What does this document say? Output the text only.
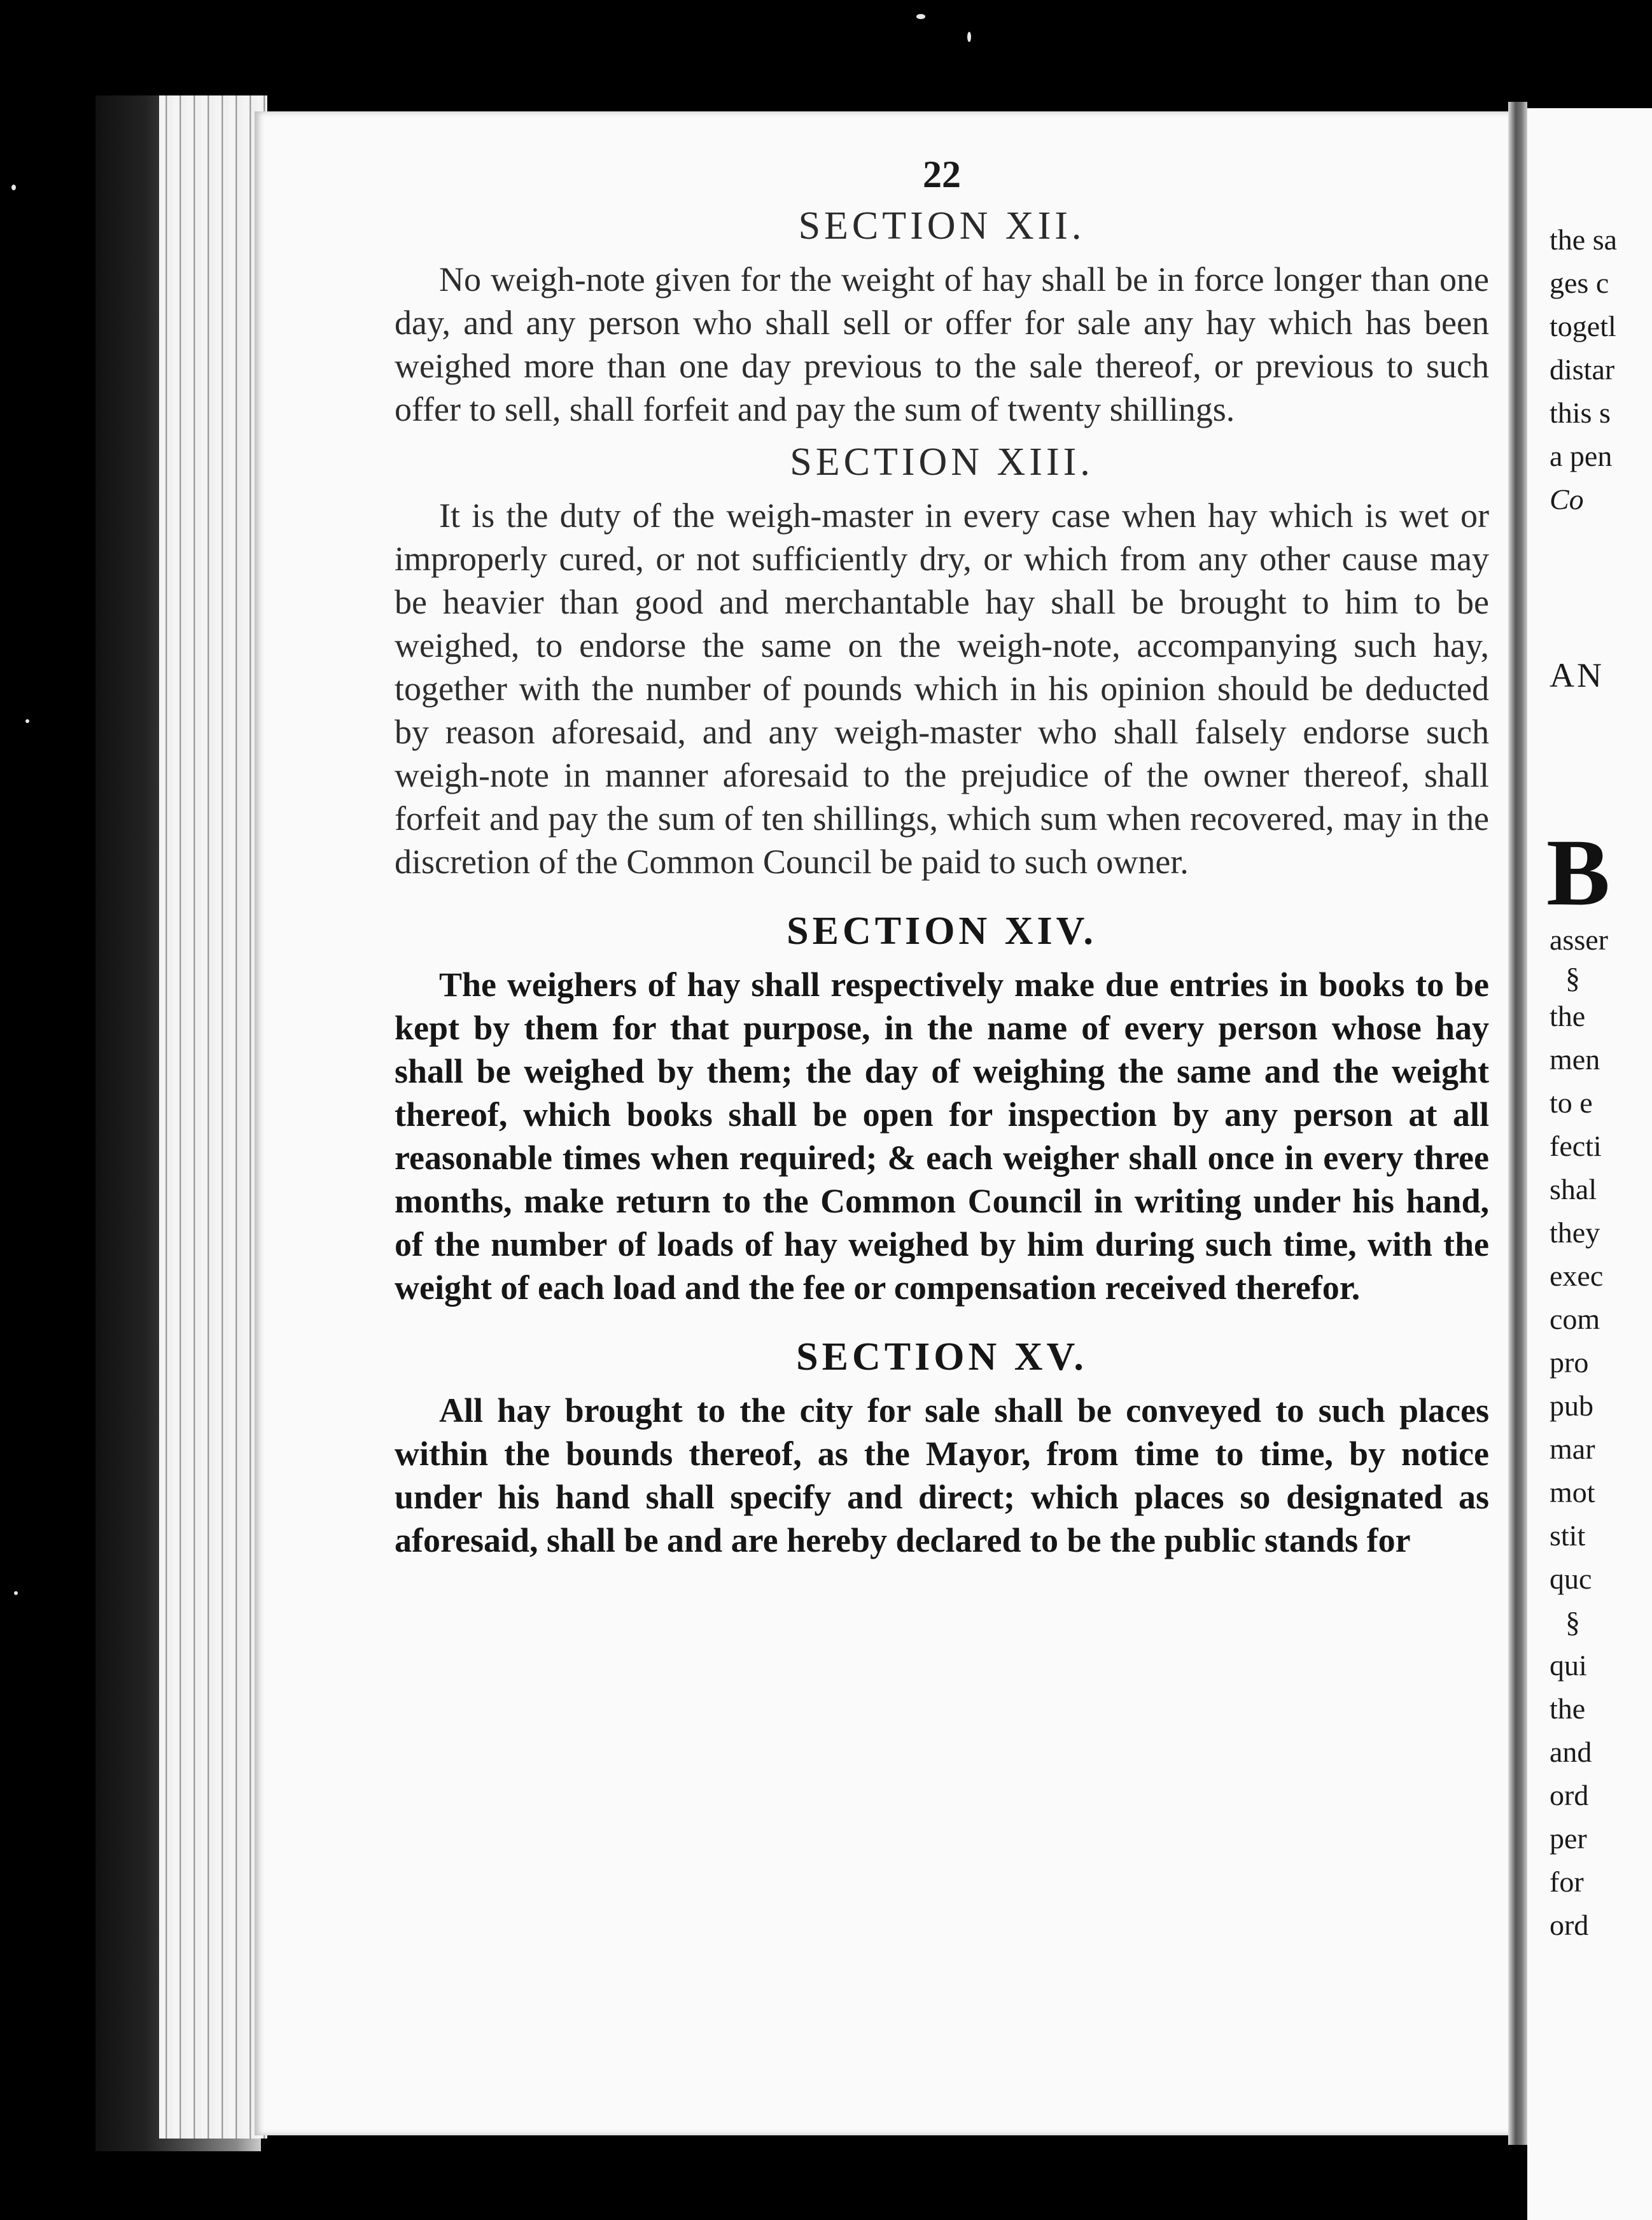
22
SECTION XII.

No weigh-note given for the weight of hay shall be in force longer than one day, and any person who shall sell or offer for sale any hay which has been weighed more than one day previous to the sale thereof, or previous to such offer to sell, shall forfeit and pay the sum of twenty shillings.

SECTION XIII.

It is the duty of the weigh-master in every case when hay which is wet or improperly cured, or not sufficiently dry, or which from any other cause may be heavier than good and merchantable hay shall be brought to him to be weighed, to endorse the same on the weigh-note, accompanying such hay, together with the number of pounds which in his opinion should be deducted by reason aforesaid, and any weigh-master who shall falsely endorse such weigh-note in manner aforesaid to the prejudice of the owner thereof, shall forfeit and pay the sum of ten shillings, which sum when recovered, may in the discretion of the Common Council be paid to such owner.

SECTION XIV.

The weighers of hay shall respectively make due entries in books to be kept by them for that purpose, in the name of every person whose hay shall be weighed by them; the day of weighing the same and the weight thereof, which books shall be open for inspection by any person at all reasonable times when required; & each weigher shall once in every three months, make return to the Common Council in writing under his hand, of the number of loads of hay weighed by him during such time, with the weight of each load and the fee or compensation received therefor.

SECTION XV.

All hay brought to the city for sale shall be conveyed to such places within the bounds thereof, as the Mayor, from time to time, by notice under his hand shall specify and direct; which places so designated as aforesaid, shall be and are hereby declared to be the public stands for

the sa
ges c
togetl
distar
this s
a pen
Co
AN
B
asser
§
the
men
to e
fecti
shal
they
exec
com
pro
pub
mar
mot
stit
quc
§
qui
the
and
ord
per
for
ord
